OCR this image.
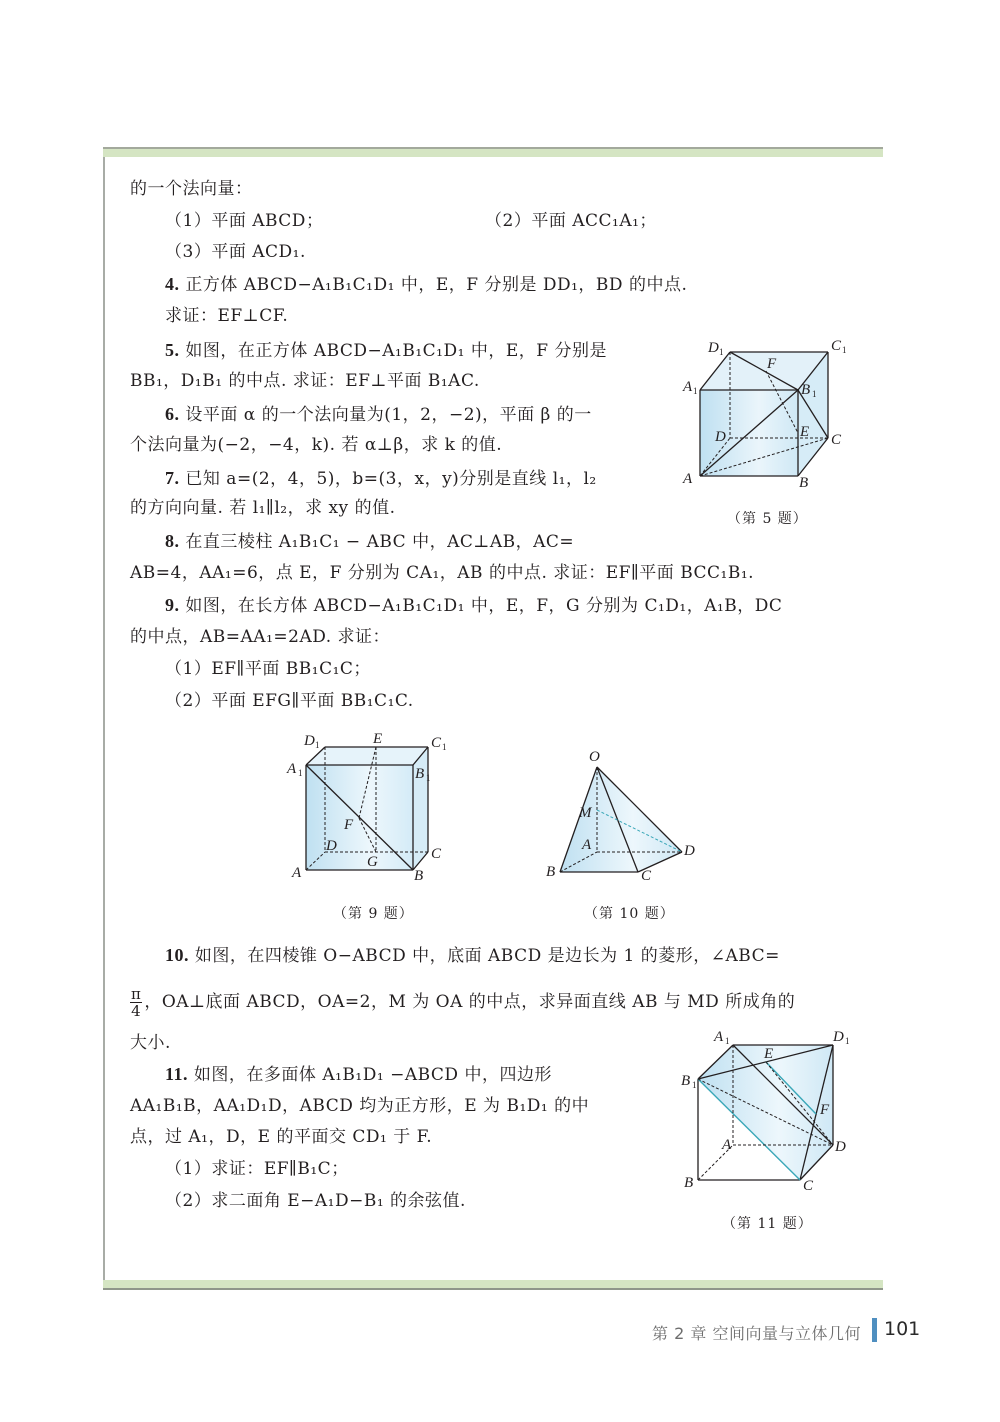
的一个法向量：
（1）平面 ABCD；	（2）平面 ACC₁A₁；
（3）平面 ACD₁.
4. 正方体 ABCD−A₁B₁C₁D₁ 中，E，F 分别是 DD₁，BD 的中点.
求证：EF⊥CF.
5. 如图，在正方体 ABCD−A₁B₁C₁D₁ 中，E，F 分别是
BB₁，D₁B₁ 的中点. 求证：EF⊥平面 B₁AC.
6. 设平面 α 的一个法向量为(1，2，−2)，平面 β 的一
个法向量为(−2，−4，k). 若 α⊥β，求 k 的值.
7. 已知 a=(2，4，5)，b=(3，x，y)分别是直线 l₁，l₂
的方向向量. 若 l₁∥l₂，求 xy 的值.
8. 在直三棱柱 A₁B₁C₁ − ABC 中，AC⊥AB，AC=
AB=4，AA₁=6，点 E，F 分别为 CA₁，AB 的中点. 求证：EF∥平面 BCC₁B₁.
9. 如图，在长方体 ABCD−A₁B₁C₁D₁ 中，E，F，G 分别为 C₁D₁，A₁B，DC
的中点，AB=AA₁=2AD. 求证：
（1）EF∥平面 BB₁C₁C；
（2）平面 EFG∥平面 BB₁C₁C.
10. 如图，在四棱锥 O−ABCD 中，底面 ABCD 是边长为 1 的菱形，∠ABC=
$\frac{\pi}{4}$ ，OA⊥底面 ABCD，OA=2，M 为 OA 的中点，求异面直线 AB 与 MD 所成角的
大小.
11. 如图，在多面体 A₁B₁D₁ −ABCD 中，四边形
AA₁B₁B，AA₁D₁D，ABCD 均为正方形，E 为 B₁D₁ 的中
点，过 A₁，D，E 的平面交 CD₁ 于 F.
（1）求证：EF∥B₁C；
（2）求二面角 E−A₁D−B₁ 的余弦值.
D 1	C 1
F
A 1	B 1
D	E C
A	B
（第 5 题）
D 1	E	C 1
A 1	B 1
F
D
G	C
A	B
（第 9 题）
O
M
A	D
B	C
（第 10 题）
A 1	D 1
E
B 1
F
A	D
B	C
（第 11 题）
第 2 章 空间向量与立体几何 101
